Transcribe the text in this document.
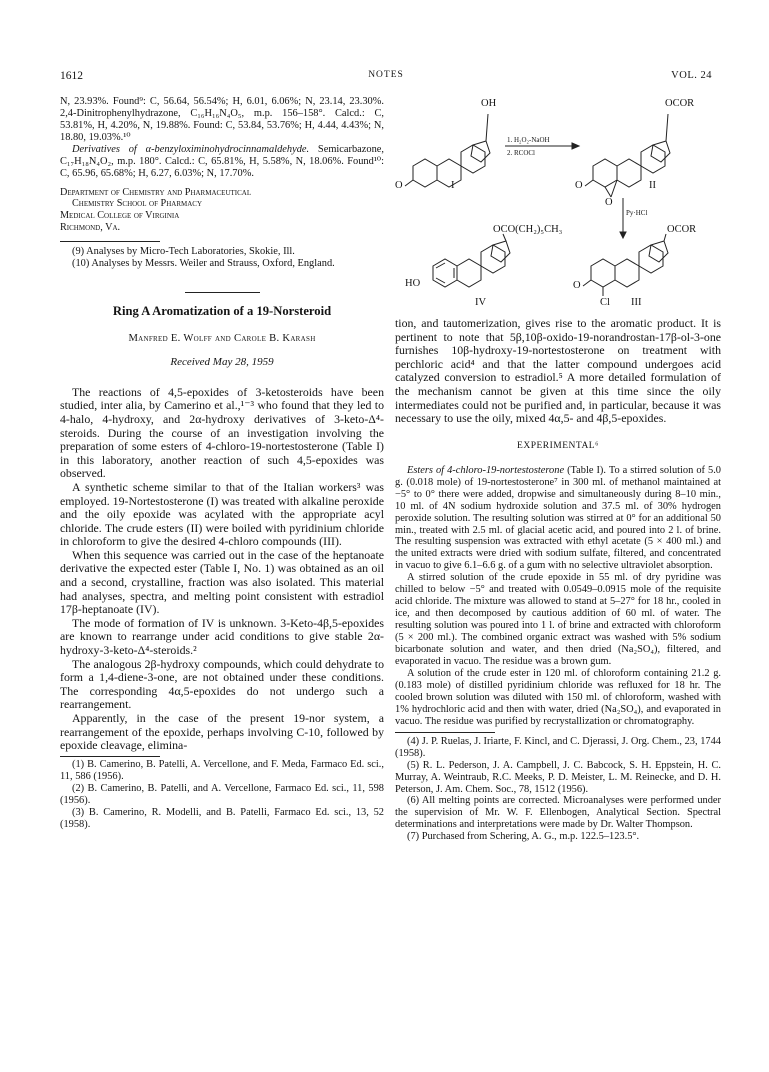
1612	NOTES	VOL. 24

N, 23.93%. Found⁹: C, 56.64, 56.54%; H, 6.01, 6.06%; N, 23.14, 23.30%. 2,4-Dinitrophenylhydrazone, C₁₆H₁₆N₄O₅, m.p. 156–158°. Calcd.: C, 53.81%, H, 4.20%, N, 19.88%. Found: C, 53.84, 53.76%; H, 4.44, 4.43%; N, 18.80, 19.03%.¹⁰

Derivatives of α-benzyloximinohydrocinnamaldehyde. Semicarbazone, C₁₇H₁₈N₄O₂, m.p. 180°. Calcd.: C, 65.81%, H, 5.58%, N, 18.06%. Found¹⁰: C, 65.96, 65.68%; H, 6.27, 6.03%; N, 17.70%.

Department of Chemistry and Pharmaceutical
Chemistry School of Pharmacy
Medical College of Virginia
Richmond, Va.

(9) Analyses by Micro-Tech Laboratories, Skokie, Ill.

(10) Analyses by Messrs. Weiler and Strauss, Oxford, England.

Ring A Aromatization of a 19-Norsteroid
Manfred E. Wolff and Carole B. Karash
Received May 28, 1959

The reactions of 4,5-epoxides of 3-ketosteroids have been studied, inter alia, by Camerino et al.,¹⁻³ who found that they led to 4-halo, 4-hydroxy, and 2α-hydroxy derivatives of 3-keto-Δ⁴-steroids. During the course of an investigation involving the preparation of some esters of 4-chloro-19-nortestosterone (Table I) in this laboratory, another reaction of such 4,5-epoxides was observed.

A synthetic scheme similar to that of the Italian workers³ was employed. 19-Nortestosterone (I) was treated with alkaline peroxide and the oily epoxide was acylated with the appropriate acyl chloride. The crude esters (II) were boiled with pyridinium chloride in chloroform to give the desired 4-chloro compounds (III).

When this sequence was carried out in the case of the heptanoate derivative the expected ester (Table I, No. 1) was obtained as an oil and a second, crystalline, fraction was also isolated. This material had analyses, spectra, and melting point consistent with estradiol 17β-heptanoate (IV).

The mode of formation of IV is unknown. 3-Keto-4β,5-epoxides are known to rearrange under acid conditions to give stable 2α-hydroxy-3-keto-Δ⁴-steroids.²

The analogous 2β-hydroxy compounds, which could dehydrate to form a 1,4-diene-3-one, are not obtained under these conditions. The corresponding 4α,5-epoxides do not undergo such a rearrangement.

Apparently, in the case of the present 19-nor system, a rearrangement of the epoxide, perhaps involving C-10, followed by epoxide cleavage, elimina-

(1) B. Camerino, B. Patelli, A. Vercellone, and F. Meda, Farmaco Ed. sci., 11, 586 (1956).

(2) B. Camerino, B. Patelli, and A. Vercellone, Farmaco Ed. sci., 11, 598 (1956).

(3) B. Camerino, R. Modelli, and B. Patelli, Farmaco Ed. sci., 13, 52 (1958).

OH	OCOR
1. H₂O₂-NaOH
2. RCOCl
O	I	O
O
II
Py·HCl
OCO(CH₂)₅CH₃	OCOR
HO	O
Cl
IV	III

tion, and tautomerization, gives rise to the aromatic product. It is pertinent to note that 5β,10β-oxido-19-norandrostan-17β-ol-3-one furnishes 10β-hydroxy-19-nortestosterone on treatment with perchloric acid⁴ and that the latter compound undergoes acid catalyzed conversion to estradiol.⁵ A more detailed formulation of the mechanism cannot be given at this time since the oily intermediates could not be purified and, in particular, because it was necessary to use the oily, mixed 4α,5- and 4β,5-epoxides.

EXPERIMENTAL⁶

Esters of 4-chloro-19-nortestosterone (Table I). To a stirred solution of 5.0 g. (0.018 mole) of 19-nortestosterone⁷ in 300 ml. of methanol maintained at −5° to 0° there were added, dropwise and simultaneously during 8–10 min., 10 ml. of 4N sodium hydroxide solution and 37.5 ml. of 30% hydrogen peroxide solution. The resulting solution was stirred at 0° for an additional 50 min., treated with 2.5 ml. of glacial acetic acid, and poured into 2 l. of brine. The resulting suspension was extracted with ethyl acetate (5 × 400 ml.) and the united extracts were dried with sodium sulfate, filtered, and concentrated in vacuo to give 6.1–6.6 g. of a gum with no selective ultraviolet absorption.

A stirred solution of the crude epoxide in 55 ml. of dry pyridine was chilled to below −5° and treated with 0.0549–0.0915 mole of the requisite acid chloride. The mixture was allowed to stand at 5–27° for 18 hr., cooled in ice, and then decomposed by cautious addition of 60 ml. of water. The resulting solution was poured into 1 l. of brine and extracted with chloroform (5 × 200 ml.). The combined organic extract was washed with 5% sodium bicarbonate solution and water, and then dried (Na₂SO₄), filtered, and evaporated in vacuo. The residue was a brown gum.

A solution of the crude ester in 120 ml. of chloroform containing 21.2 g. (0.183 mole) of distilled pyridinium chloride was refluxed for 18 hr. The cooled brown solution was diluted with 150 ml. of chloroform, washed with 1% hydrochloric acid and then with water, dried (Na₂SO₄), and evaporated in vacuo. The residue was purified by recrystallization or chromatography.

(4) J. P. Ruelas, J. Iriarte, F. Kincl, and C. Djerassi, J. Org. Chem., 23, 1744 (1958).

(5) R. L. Pederson, J. A. Campbell, J. C. Babcock, S. H. Eppstein, H. C. Murray, A. Weintraub, R.C. Meeks, P. D. Meister, L. M. Reinecke, and D. H. Peterson, J. Am. Chem. Soc., 78, 1512 (1956).

(6) All melting points are corrected. Microanalyses were performed under the supervision of Mr. W. F. Ellenbogen, Analytical Section. Spectral determinations and interpretations were made by Dr. Walter Thompson.

(7) Purchased from Schering, A. G., m.p. 122.5–123.5°.
